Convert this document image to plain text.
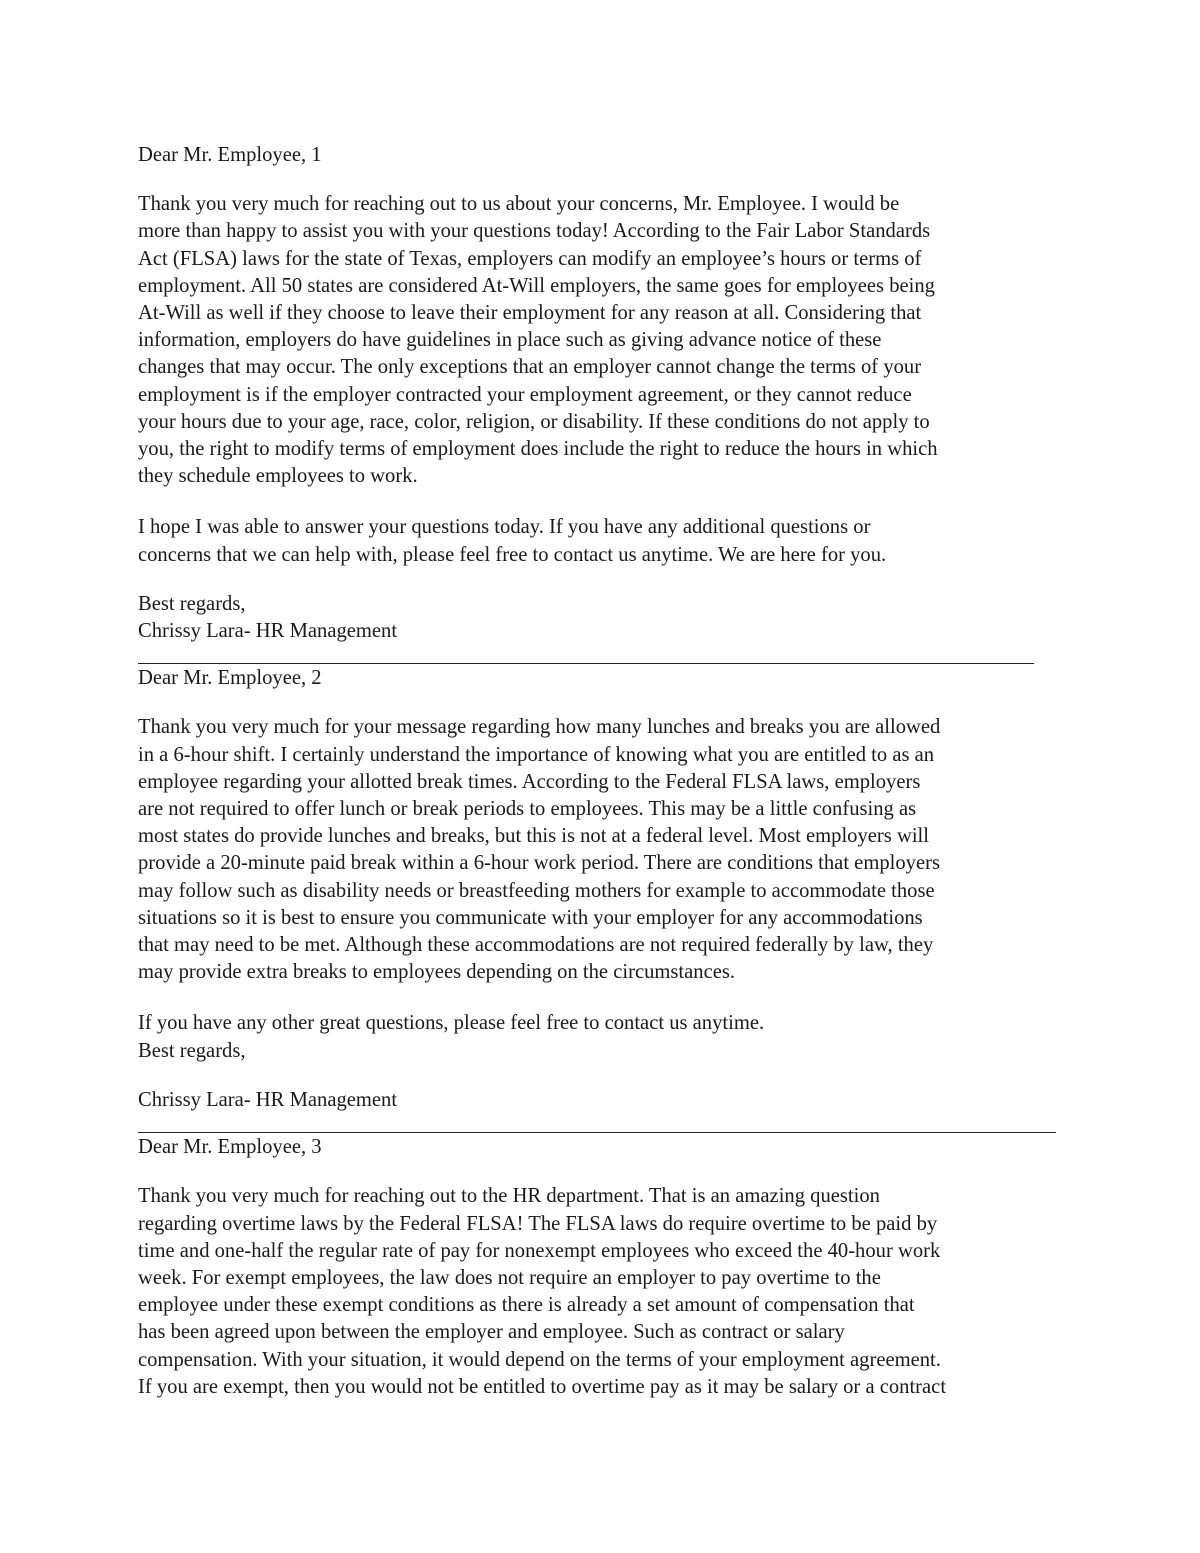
Dear Mr. Employee, 1

Thank you very much for reaching out to us about your concerns, Mr. Employee. I would be
more than happy to assist you with your questions today! According to the Fair Labor Standards
Act (FLSA) laws for the state of Texas, employers can modify an employee’s hours or terms of
employment. All 50 states are considered At-Will employers, the same goes for employees being
At-Will as well if they choose to leave their employment for any reason at all. Considering that
information, employers do have guidelines in place such as giving advance notice of these
changes that may occur. The only exceptions that an employer cannot change the terms of your
employment is if the employer contracted your employment agreement, or they cannot reduce
your hours due to your age, race, color, religion, or disability. If these conditions do not apply to
you, the right to modify terms of employment does include the right to reduce the hours in which
they schedule employees to work.

I hope I was able to answer your questions today. If you have any additional questions or
concerns that we can help with, please feel free to contact us anytime. We are here for you.

Best regards,

Chrissy Lara- HR Management

Dear Mr. Employee, 2

Thank you very much for your message regarding how many lunches and breaks you are allowed
in a 6-hour shift. I certainly understand the importance of knowing what you are entitled to as an
employee regarding your allotted break times. According to the Federal FLSA laws, employers
are not required to offer lunch or break periods to employees. This may be a little confusing as
most states do provide lunches and breaks, but this is not at a federal level. Most employers will
provide a 20-minute paid break within a 6-hour work period. There are conditions that employers
may follow such as disability needs or breastfeeding mothers for example to accommodate those
situations so it is best to ensure you communicate with your employer for any accommodations
that may need to be met. Although these accommodations are not required federally by law, they
may provide extra breaks to employees depending on the circumstances.

If you have any other great questions, please feel free to contact us anytime.

Best regards,

Chrissy Lara- HR Management

Dear Mr. Employee, 3

Thank you very much for reaching out to the HR department. That is an amazing question
regarding overtime laws by the Federal FLSA! The FLSA laws do require overtime to be paid by
time and one-half the regular rate of pay for nonexempt employees who exceed the 40-hour work
week. For exempt employees, the law does not require an employer to pay overtime to the
employee under these exempt conditions as there is already a set amount of compensation that
has been agreed upon between the employer and employee. Such as contract or salary
compensation. With your situation, it would depend on the terms of your employment agreement.
If you are exempt, then you would not be entitled to overtime pay as it may be salary or a contract
